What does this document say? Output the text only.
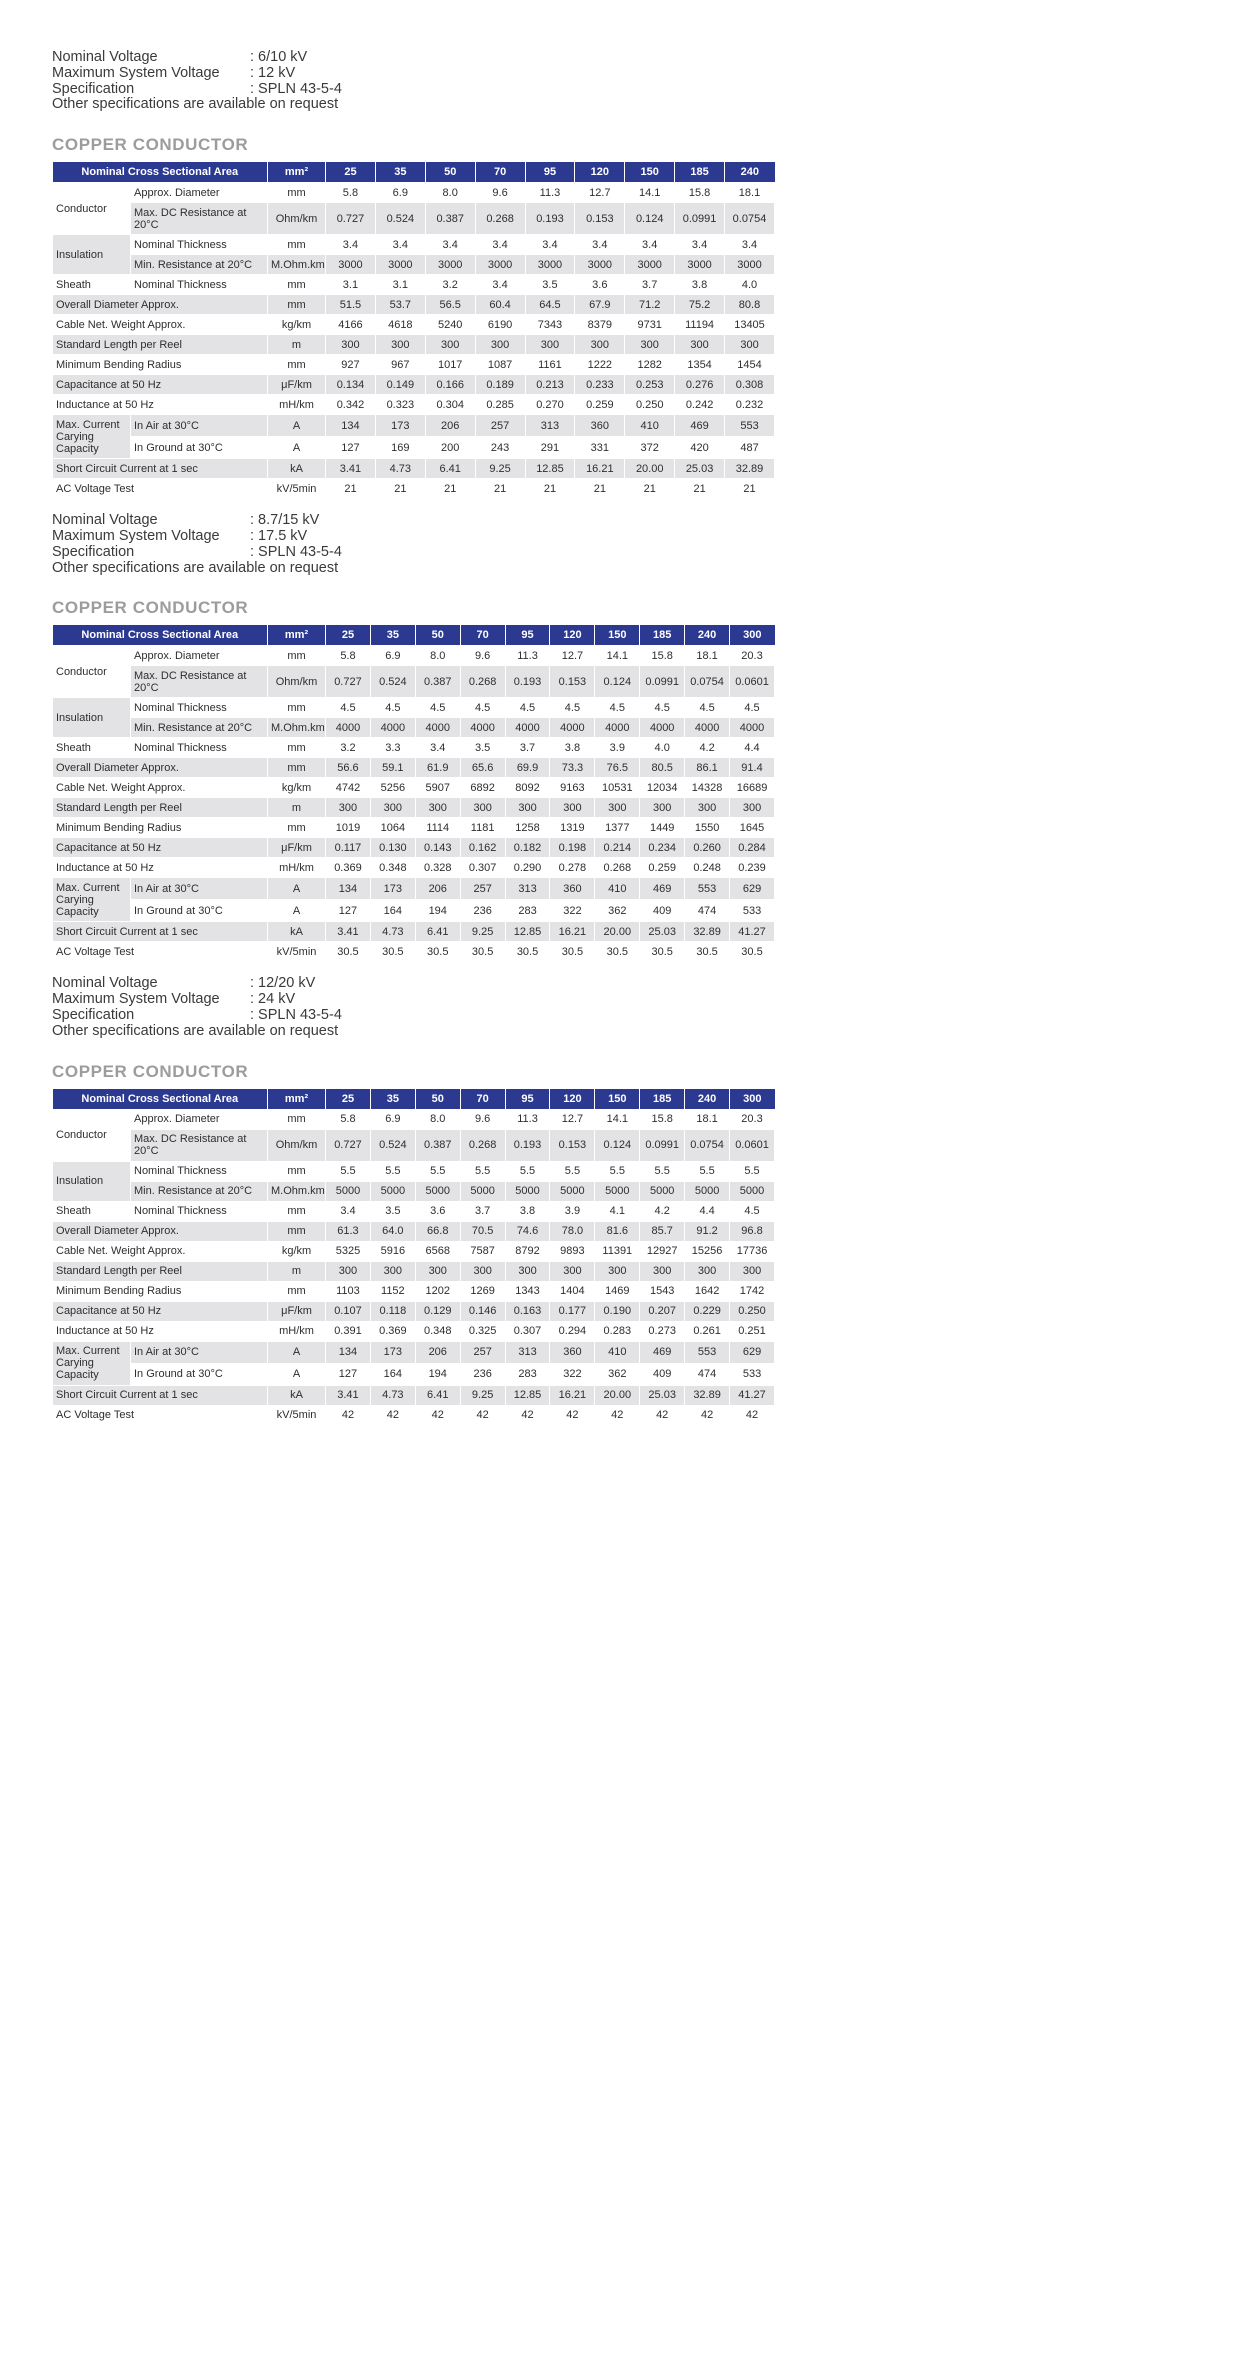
Nominal Voltage	: 6/10 kV
Maximum System Voltage : 12 kV
Specification	: SPLN 43-5-4
Other specifications are available on request
COPPER CONDUCTOR
Nominal Cross Sectional Area		mm²	25	35	50	70	95	120	150	185	240
Conductor	Approx. Diameter	mm	5.8	6.9	8.0	9.6	11.3	12.7	14.1	15.8	18.1
	Max. DC Resistance at 20°C	Ohm/km	0.727	0.524	0.387	0.268	0.193	0.153	0.124	0.0991	0.0754
Insulation	Nominal Thickness	mm	3.4	3.4	3.4	3.4	3.4	3.4	3.4	3.4	3.4
	Min. Resistance at 20°C	M.Ohm.km	3000	3000	3000	3000	3000	3000	3000	3000	3000
Sheath	Nominal Thickness	mm	3.1	3.1	3.2	3.4	3.5	3.6	3.7	3.8	4.0
Overall Diameter Approx.		mm	51.5	53.7	56.5	60.4	64.5	67.9	71.2	75.2	80.8
Cable Net. Weight Approx.		kg/km	4166	4618	5240	6190	7343	8379	9731	11194	13405
Standard Length per Reel		m	300	300	300	300	300	300	300	300	300
Minimum Bending Radius		mm	927	967	1017	1087	1161	1222	1282	1354	1454
Capacitance at 50 Hz		μF/km	0.134	0.149	0.166	0.189	0.213	0.233	0.253	0.276	0.308
Inductance at 50 Hz		mH/km	0.342	0.323	0.304	0.285	0.270	0.259	0.250	0.242	0.232
Max. Current Carying Capacity	In Air at 30°C	A	134	173	206	257	313	360	410	469	553
	In Ground at 30°C	A	127	169	200	243	291	331	372	420	487
Short Circuit Current at 1 sec		kA	3.41	4.73	6.41	9.25	12.85	16.21	20.00	25.03	32.89
AC Voltage Test		kV/5min	21	21	21	21	21	21	21	21	21
Nominal Voltage	: 8.7/15 kV
Maximum System Voltage : 17.5 kV
Specification	: SPLN 43-5-4
Other specifications are available on request
COPPER CONDUCTOR
Nominal Cross Sectional Area		mm²	25	35	50	70	95	120	150	185	240	300
Conductor	Approx. Diameter	mm	5.8	6.9	8.0	9.6	11.3	12.7	14.1	15.8	18.1	20.3
	Max. DC Resistance at 20°C	Ohm/km	0.727	0.524	0.387	0.268	0.193	0.153	0.124	0.0991	0.0754	0.0601
Insulation	Nominal Thickness	mm	4.5	4.5	4.5	4.5	4.5	4.5	4.5	4.5	4.5	4.5
	Min. Resistance at 20°C	M.Ohm.km	4000	4000	4000	4000	4000	4000	4000	4000	4000	4000
Sheath	Nominal Thickness	mm	3.2	3.3	3.4	3.5	3.7	3.8	3.9	4.0	4.2	4.4
Overall Diameter Approx.		mm	56.6	59.1	61.9	65.6	69.9	73.3	76.5	80.5	86.1	91.4
Cable Net. Weight Approx.		kg/km	4742	5256	5907	6892	8092	9163	10531	12034	14328	16689
Standard Length per Reel		m	300	300	300	300	300	300	300	300	300	300
Minimum Bending Radius		mm	1019	1064	1114	1181	1258	1319	1377	1449	1550	1645
Capacitance at 50 Hz		μF/km	0.117	0.130	0.143	0.162	0.182	0.198	0.214	0.234	0.260	0.284
Inductance at 50 Hz		mH/km	0.369	0.348	0.328	0.307	0.290	0.278	0.268	0.259	0.248	0.239
Max. Current Carying Capacity	In Air at 30°C	A	134	173	206	257	313	360	410	469	553	629
	In Ground at 30°C	A	127	164	194	236	283	322	362	409	474	533
Short Circuit Current at 1 sec		kA	3.41	4.73	6.41	9.25	12.85	16.21	20.00	25.03	32.89	41.27
AC Voltage Test		kV/5min	30.5	30.5	30.5	30.5	30.5	30.5	30.5	30.5	30.5	30.5
Nominal Voltage	: 12/20 kV
Maximum System Voltage : 24 kV
Specification	: SPLN 43-5-4
Other specifications are available on request
COPPER CONDUCTOR
Nominal Cross Sectional Area		mm²	25	35	50	70	95	120	150	185	240	300
Conductor	Approx. Diameter	mm	5.8	6.9	8.0	9.6	11.3	12.7	14.1	15.8	18.1	20.3
	Max. DC Resistance at 20°C	Ohm/km	0.727	0.524	0.387	0.268	0.193	0.153	0.124	0.0991	0.0754	0.0601
Insulation	Nominal Thickness	mm	5.5	5.5	5.5	5.5	5.5	5.5	5.5	5.5	5.5	5.5
	Min. Resistance at 20°C	M.Ohm.km	5000	5000	5000	5000	5000	5000	5000	5000	5000	5000
Sheath	Nominal Thickness	mm	3.4	3.5	3.6	3.7	3.8	3.9	4.1	4.2	4.4	4.5
Overall Diameter Approx.		mm	61.3	64.0	66.8	70.5	74.6	78.0	81.6	85.7	91.2	96.8
Cable Net. Weight Approx.		kg/km	5325	5916	6568	7587	8792	9893	11391	12927	15256	17736
Standard Length per Reel		m	300	300	300	300	300	300	300	300	300	300
Minimum Bending Radius		mm	1103	1152	1202	1269	1343	1404	1469	1543	1642	1742
Capacitance at 50 Hz		μF/km	0.107	0.118	0.129	0.146	0.163	0.177	0.190	0.207	0.229	0.250
Inductance at 50 Hz		mH/km	0.391	0.369	0.348	0.325	0.307	0.294	0.283	0.273	0.261	0.251
Max. Current Carying Capacity	In Air at 30°C	A	134	173	206	257	313	360	410	469	553	629
	In Ground at 30°C	A	127	164	194	236	283	322	362	409	474	533
Short Circuit Current at 1 sec		kA	3.41	4.73	6.41	9.25	12.85	16.21	20.00	25.03	32.89	41.27
AC Voltage Test		kV/5min	42	42	42	42	42	42	42	42	42	42
